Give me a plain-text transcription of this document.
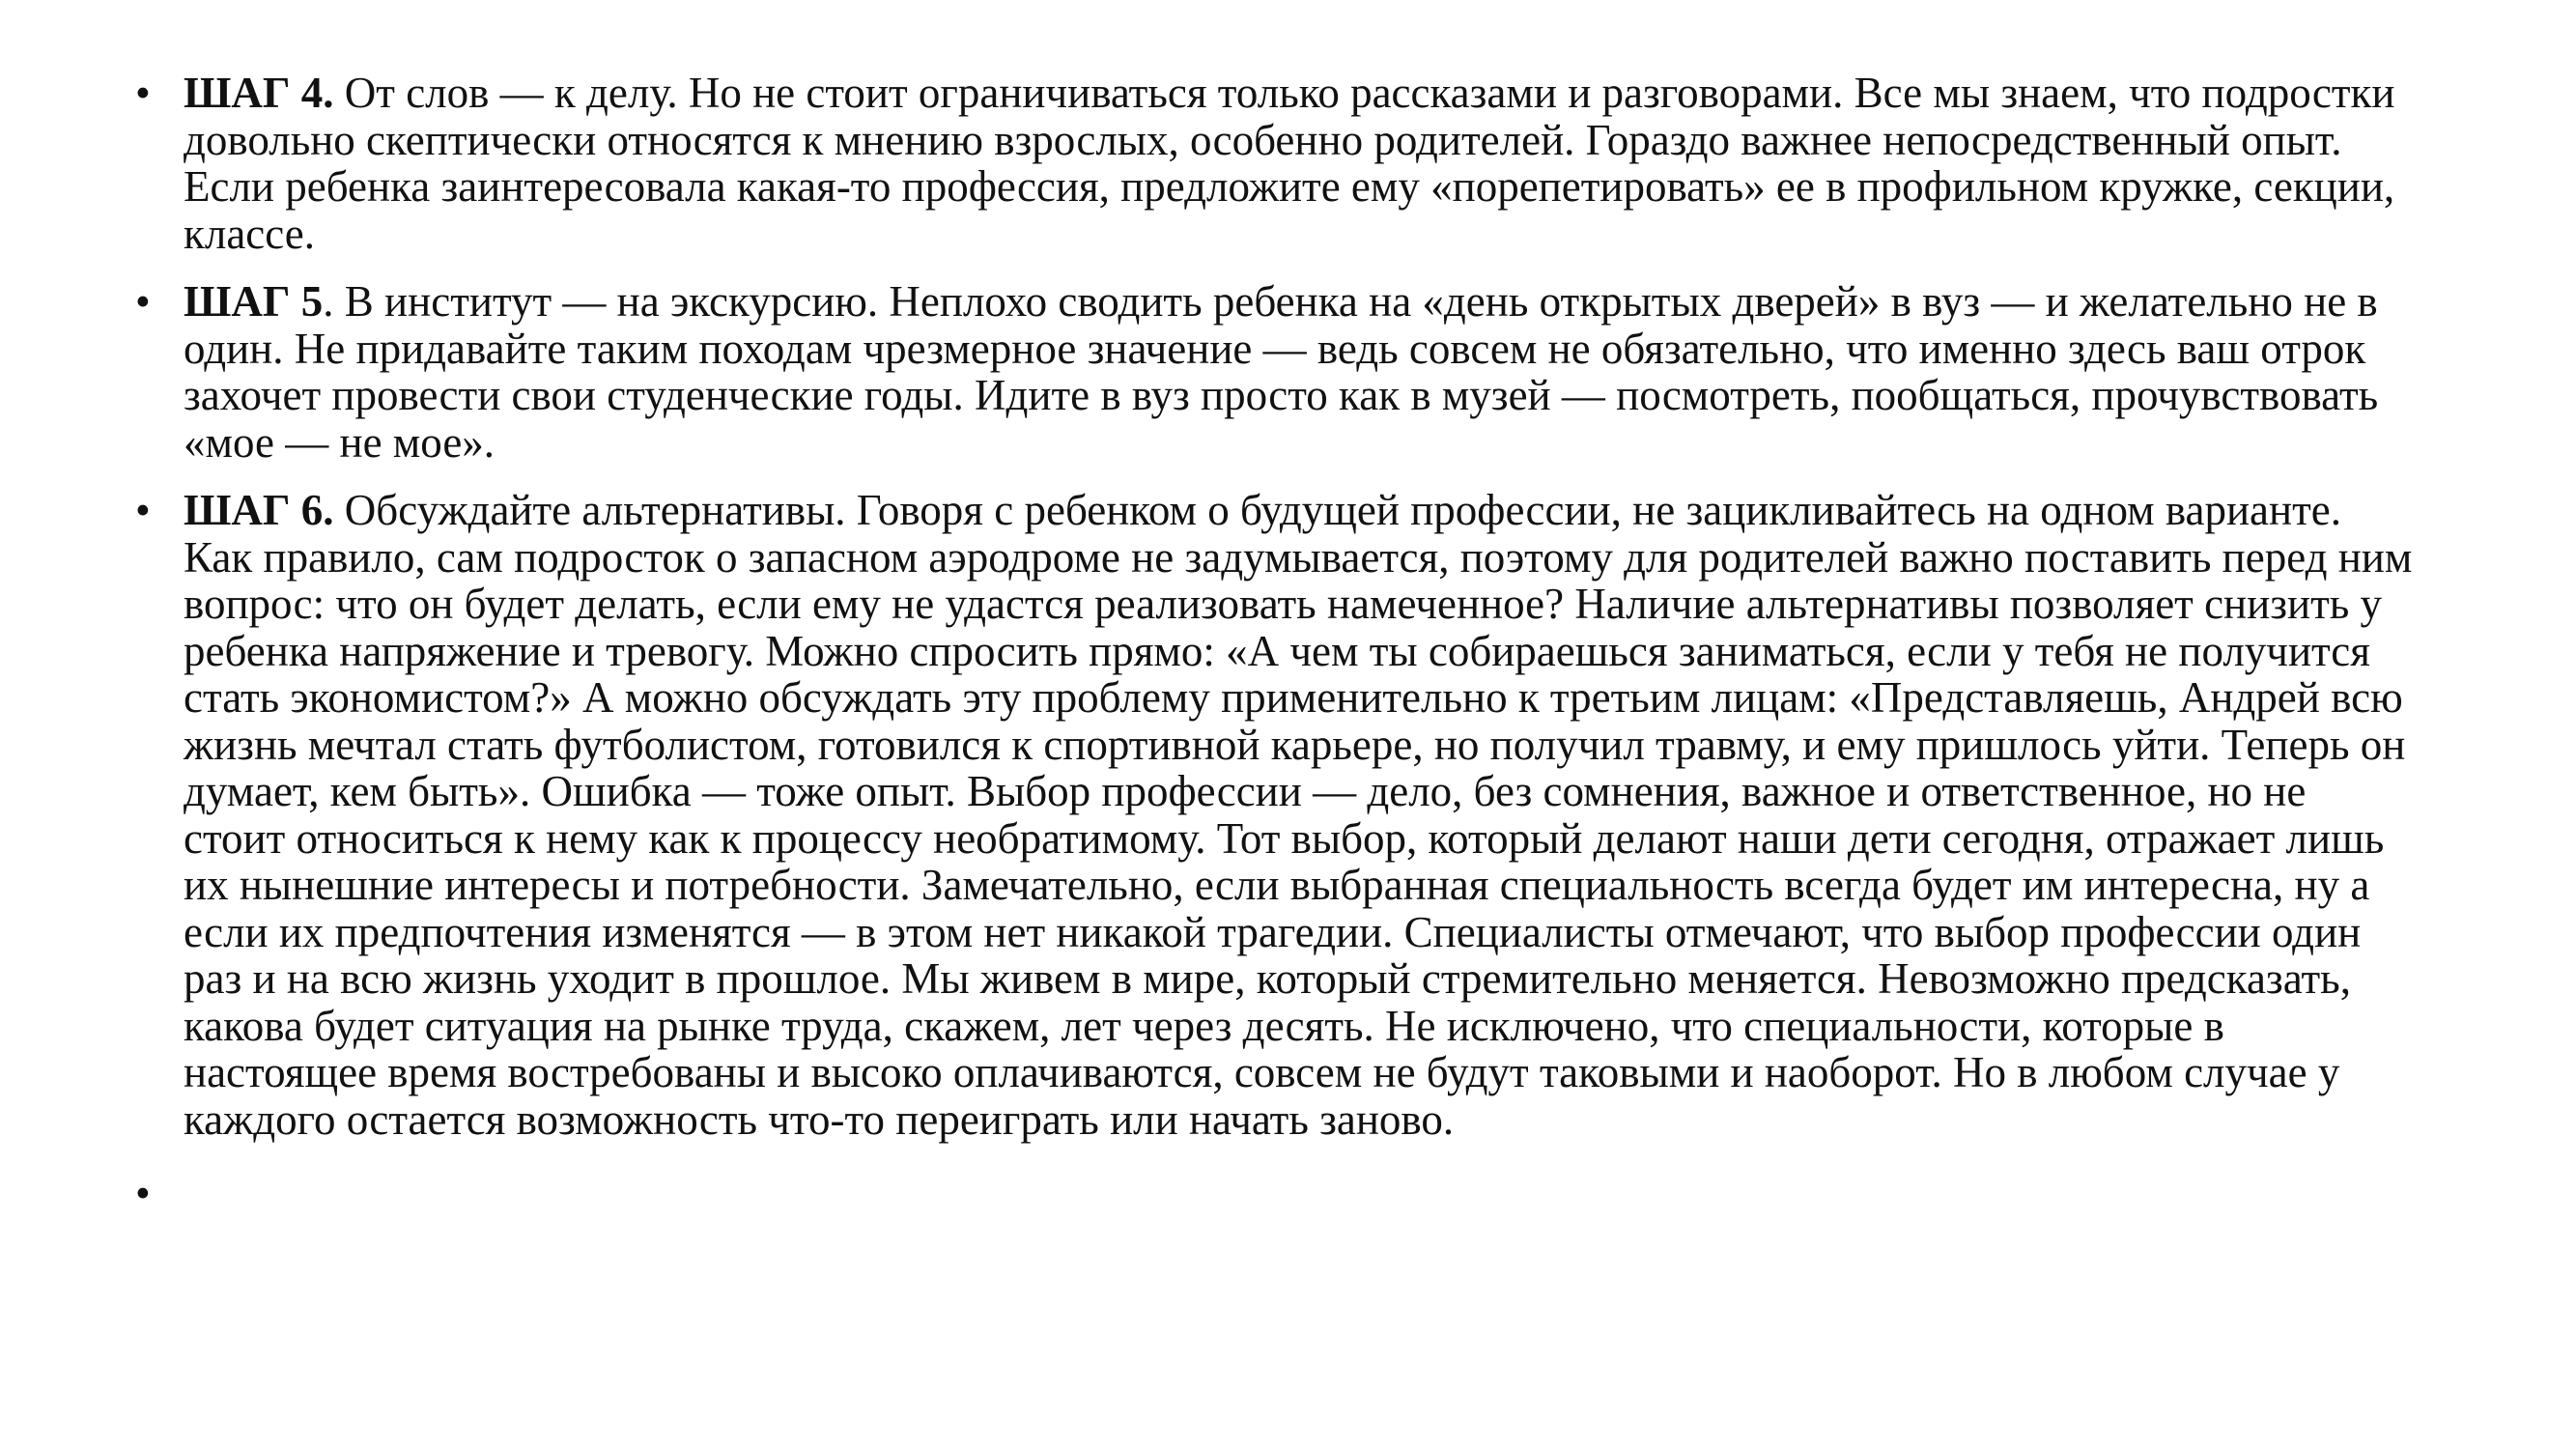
• ШАГ 4. От слов — к делу. Но не стоит ограничиваться только рассказами и разговорами. Все мы знаем, что подростки довольно скептически относятся к мнению взрослых, особенно родителей. Гораздо важнее непосредственный опыт. Если ребенка заинтересовала какая-то профессия, предложите ему «порепетировать» ее в профильном кружке, секции, классе.
• ШАГ 5. В институт — на экскурсию. Неплохо сводить ребенка на «день открытых дверей» в вуз — и желательно не в один. Не придавайте таким походам чрезмерное значение — ведь совсем не обязательно, что именно здесь ваш отрок захочет провести свои студенческие годы. Идите в вуз просто как в музей — посмотреть, пообщаться, прочувствовать «мое — не мое».
• ШАГ 6. Обсуждайте альтернативы. Говоря с ребенком о будущей профессии, не зацикливайтесь на одном варианте. Как правило, сам подросток о запасном аэродроме не задумывается, поэтому для родителей важно поставить перед ним вопрос: что он будет делать, если ему не удастся реализовать намеченное? Наличие альтернативы позволяет снизить у ребенка напряжение и тревогу. Можно спросить прямо: «А чем ты собираешься заниматься, если у тебя не получится стать экономистом?» А можно обсуждать эту проблему применительно к третьим лицам: «Представляешь, Андрей всю жизнь мечтал стать футболистом, готовился к спортивной карьере, но получил травму, и ему пришлось уйти. Теперь он думает, кем быть». Ошибка — тоже опыт. Выбор профессии — дело, без сомнения, важное и ответственное, но не стоит относиться к нему как к процессу необратимому. Тот выбор, который делают наши дети сегодня, отражает лишь их нынешние интересы и потребности. Замечательно, если выбранная специальность всегда будет им интересна, ну а если их предпочтения изменятся — в этом нет никакой трагедии. Специалисты отмечают, что выбор профессии один раз и на всю жизнь уходит в прошлое. Мы живем в мире, который стремительно меняется. Невозможно предсказать, какова будет ситуация на рынке труда, скажем, лет через десять. Не исключено, что специальности, которые в настоящее время востребованы и высоко оплачиваются, совсем не будут таковыми и наоборот. Но в любом случае у каждого остается возможность что-то переиграть или начать заново.
•
